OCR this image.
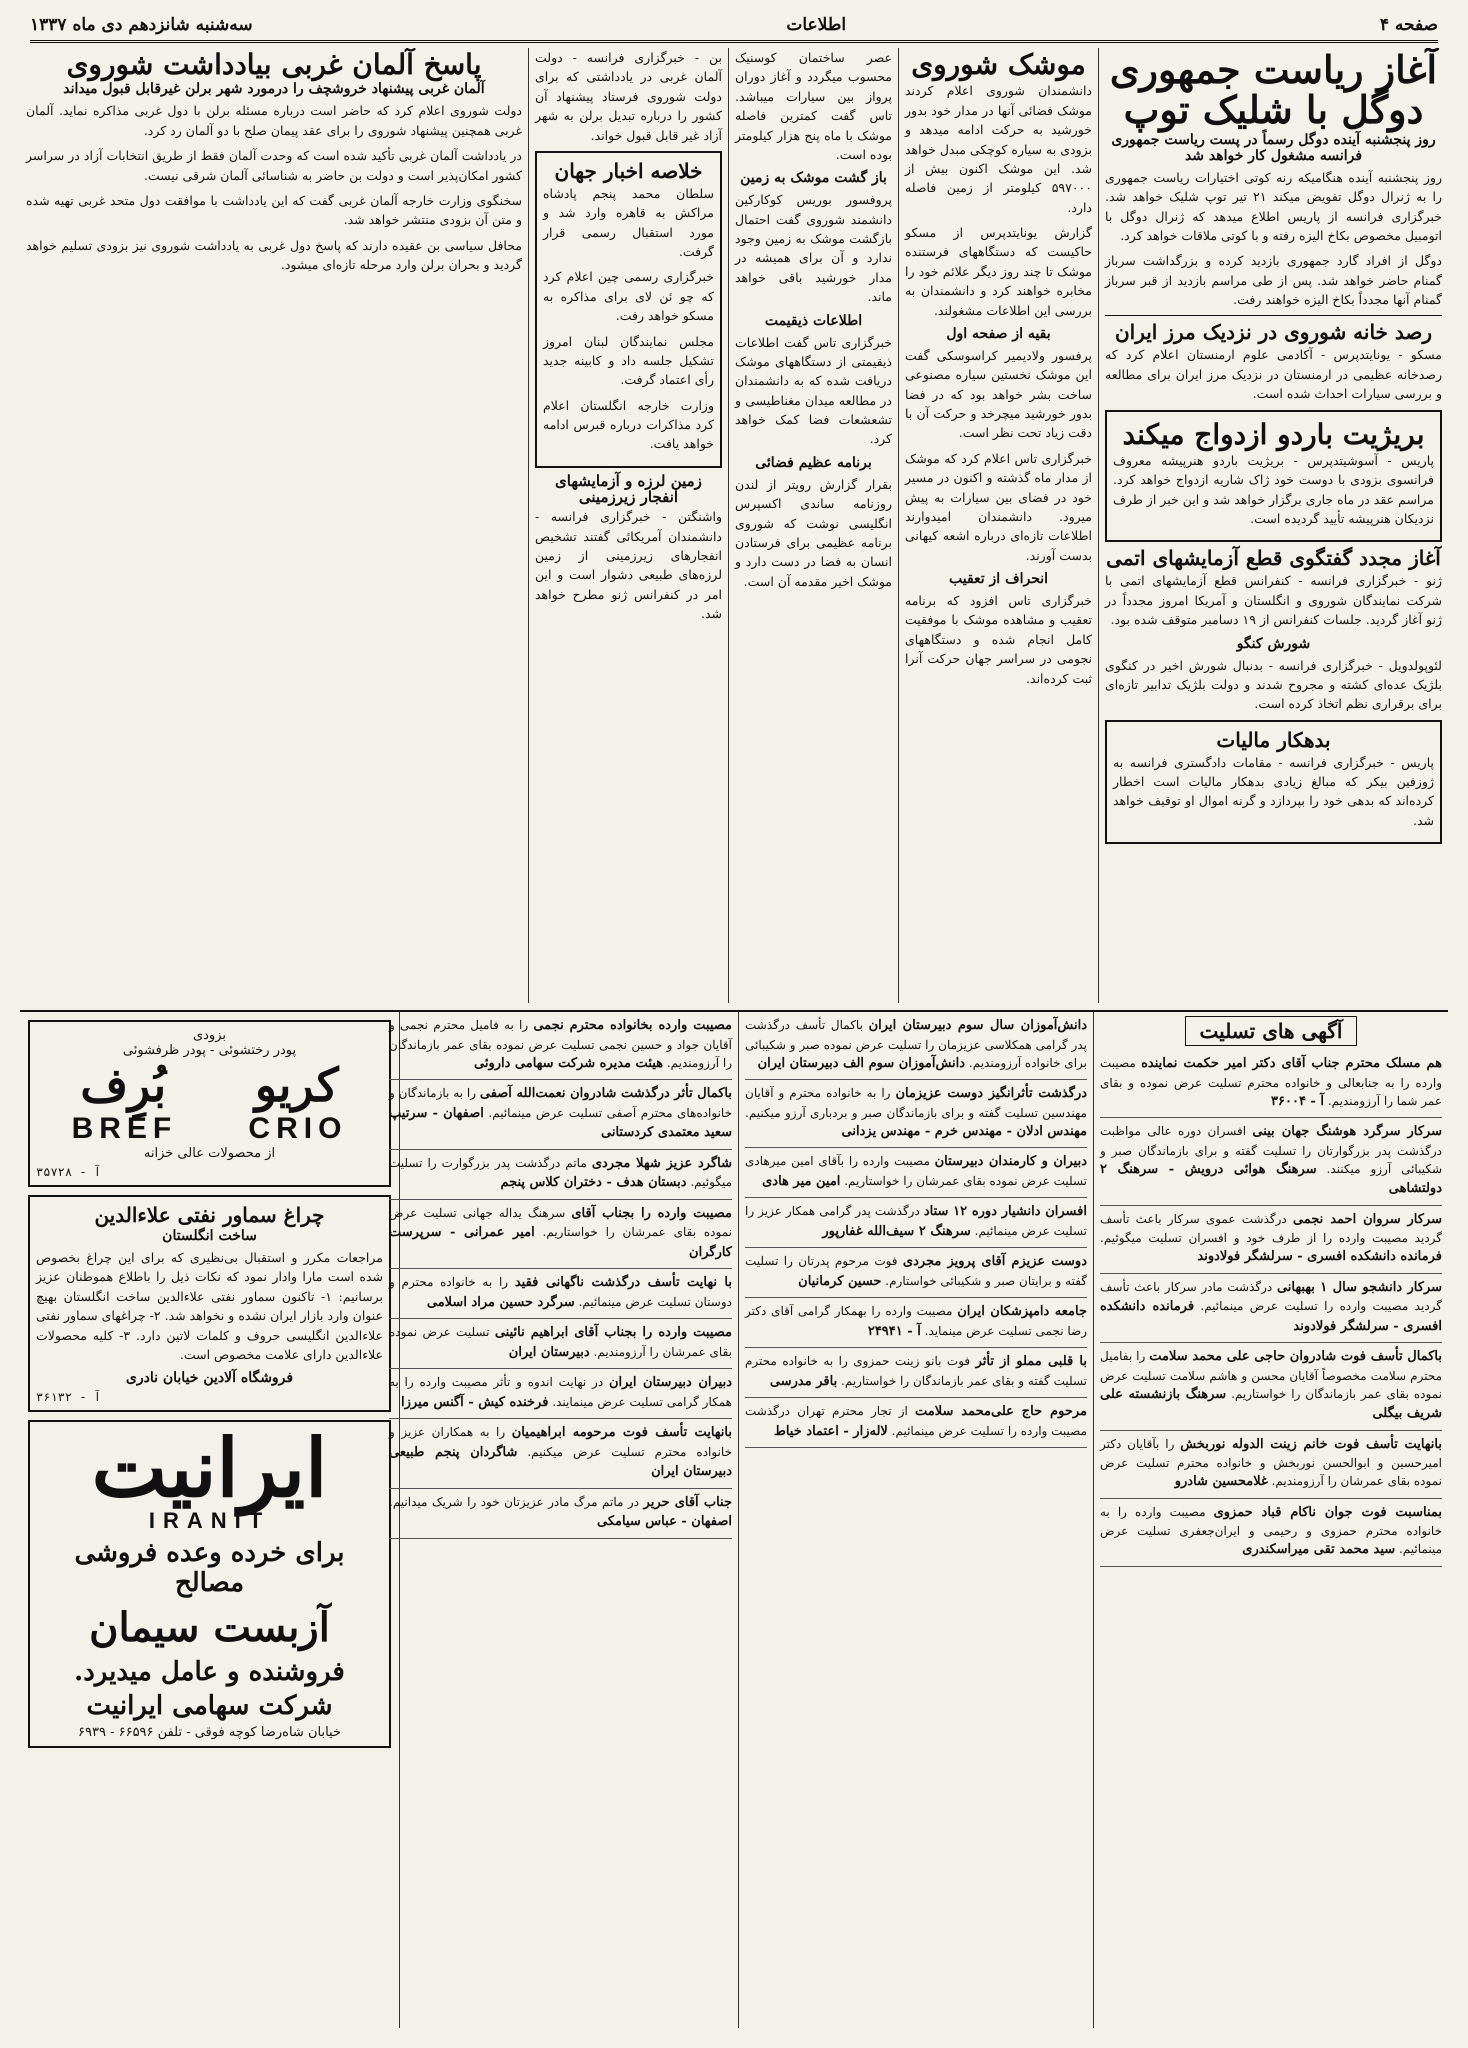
صفحه ۴
اطلاعات
سه‌شنبه شانزدهم دی ماه ۱۳۳۷
آغاز ریاست جمهوری دوگل با شلیک توپ
روز پنجشنبه آینده دوگل رسماً در پست ریاست جمهوری فرانسه مشغول کار خواهد شد

روز پنجشنبه آینده هنگامیکه رنه کوتی اختیارات ریاست جمهوری را به ژنرال دوگل تفویض میکند ۲۱ تیر توپ شلیک خواهد شد. خبرگزاری فرانسه از پاریس اطلاع میدهد که ژنرال دوگل با اتومبیل مخصوص بکاخ الیزه رفته و با کوتی ملاقات خواهد کرد.

دوگل از افراد گارد جمهوری بازدید کرده و بزرگداشت سرباز گمنام حاضر خواهد شد. پس از طی مراسم بازدید از قبر سرباز گمنام آنها مجدداً بکاخ الیزه خواهند رفت.

رصد خانه شوروی در نزدیک مرز ایران

مسکو - یونایتدپرس - آکادمی علوم ارمنستان اعلام کرد که رصدخانه عظیمی در ارمنستان در نزدیک مرز ایران برای مطالعه و بررسی سیارات احداث شده است.

بریژیت باردو ازدواج میکند

پاریس - آسوشیتدپرس - بریژیت باردو هنرپیشه معروف فرانسوی بزودی با دوست خود ژاک شاریه ازدواج خواهد کرد. مراسم عقد در ماه جاری برگزار خواهد شد و این خبر از طرف نزدیکان هنرپیشه تأیید گردیده است.

آغاز مجدد گفتگوی قطع آزمایشهای اتمی

ژنو - خبرگزاری فرانسه - کنفرانس قطع آزمایشهای اتمی با شرکت نمایندگان شوروی و انگلستان و آمریکا امروز مجدداً در ژنو آغاز گردید. جلسات کنفرانس از ۱۹ دسامبر متوقف شده بود.

شورش کنگو

لئوپولدویل - خبرگزاری فرانسه - بدنبال شورش اخیر در کنگوی بلژیک عده‌ای کشته و مجروح شدند و دولت بلژیک تدابیر تازه‌ای برای برقراری نظم اتخاذ کرده است.

بدهکار مالیات

پاریس - خبرگزاری فرانسه - مقامات دادگستری فرانسه به ژوزفین بیکر که مبالغ زیادی بدهکار مالیات است اخطار کرده‌اند که بدهی خود را بپردازد و گرنه اموال او توقیف خواهد شد.

موشک شوروی

دانشمندان شوروی اعلام کردند موشک فضائی آنها در مدار خود بدور خورشید به حرکت ادامه میدهد و بزودی به سیاره کوچکی مبدل خواهد شد. این موشک اکنون بیش از ۵۹۷۰۰۰ کیلومتر از زمین فاصله دارد.

گزارش یونایتدپرس از مسکو حاکیست که دستگاههای فرستنده موشک تا چند روز دیگر علائم خود را مخابره خواهند کرد و دانشمندان به بررسی این اطلاعات مشغولند.

بقیه از صفحه اول

پرفسور ولادیمیر کراسوسکی گفت این موشک نخستین سیاره مصنوعی ساخت بشر خواهد بود که در فضا بدور خورشید میچرخد و حرکت آن با دقت زیاد تحت نظر است.

خبرگزاری تاس اعلام کرد که موشک از مدار ماه گذشته و اکنون در مسیر خود در فضای بین سیارات به پیش میرود. دانشمندان امیدوارند اطلاعات تازه‌ای درباره اشعه کیهانی بدست آورند.

انحراف از تعقیب

خبرگزاری تاس افزود که برنامه تعقیب و مشاهده موشک با موفقیت کامل انجام شده و دستگاههای نجومی در سراسر جهان حرکت آنرا ثبت کرده‌اند.

عصر ساختمان کوسنیک محسوب میگردد و آغاز دوران پرواز بین سیارات میباشد. تاس گفت کمترین فاصله موشک با ماه پنج هزار کیلومتر بوده است.

باز گشت موشک به زمین

پروفسور بوریس کوکارکین دانشمند شوروی گفت احتمال بازگشت موشک به زمین وجود ندارد و آن برای همیشه در مدار خورشید باقی خواهد ماند.

اطلاعات ذیقیمت

خبرگزاری تاس گفت اطلاعات ذیقیمتی از دستگاههای موشک دریافت شده که به دانشمندان در مطالعه میدان مغناطیسی و تشعشعات فضا کمک خواهد کرد.

برنامه عظیم فضائی

بقرار گزارش رویتر از لندن روزنامه ساندی اکسپرس انگلیسی نوشت که شوروی برنامه عظیمی برای فرستادن انسان به فضا در دست دارد و موشک اخیر مقدمه آن است.

بن - خبرگزاری فرانسه - دولت آلمان غربی در یادداشتی که برای دولت شوروی فرستاد پیشنهاد آن کشور را درباره تبدیل برلن به شهر آزاد غیر قابل قبول خواند.

خلاصه اخبار جهان

سلطان محمد پنجم پادشاه مراکش به قاهره وارد شد و مورد استقبال رسمی قرار گرفت.

خبرگزاری رسمی چین اعلام کرد که چو ئن لای برای مذاکره به مسکو خواهد رفت.

مجلس نمایندگان لبنان امروز تشکیل جلسه داد و کابینه جدید رأی اعتماد گرفت.

وزارت خارجه انگلستان اعلام کرد مذاکرات درباره قبرس ادامه خواهد یافت.

زمین لرزه و آزمایشهای انفجار زیرزمینی

واشنگتن - خبرگزاری فرانسه - دانشمندان آمریکائی گفتند تشخیص انفجارهای زیرزمینی از زمین لرزه‌های طبیعی دشوار است و این امر در کنفرانس ژنو مطرح خواهد شد.

پاسخ آلمان غربی بیادداشت شوروی
آلمان غربی پیشنهاد خروشچف را درمورد شهر برلن غیرقابل قبول میداند

دولت شوروی اعلام کرد که حاضر است درباره مسئله برلن با دول غربی مذاکره نماید. آلمان غربی همچنین پیشنهاد شوروی را برای عقد پیمان صلح با دو آلمان رد کرد.

در یادداشت آلمان غربی تأکید شده است که وحدت آلمان فقط از طریق انتخابات آزاد در سراسر کشور امکان‌پذیر است و دولت بن حاضر به شناسائی آلمان شرقی نیست.

سخنگوی وزارت خارجه آلمان غربی گفت که این یادداشت با موافقت دول متحد غربی تهیه شده و متن آن بزودی منتشر خواهد شد.

محافل سیاسی بن عقیده دارند که پاسخ دول غربی به یادداشت شوروی نیز بزودی تسلیم خواهد گردید و بحران برلن وارد مرحله تازه‌ای میشود.

بزودی
پودر رختشوئی - پودر ظرفشوئی
کریو
بُرِف
CRIO
BREF
از محصولات عالی خزانه
آ - ۳۵۷۲۸
چراغ سماور نفتی علاءالدین
ساخت انگلستان

مراجعات مکرر و استقبال بی‌نظیری که برای این چراغ بخصوص شده است مارا وادار نمود که نکات ذیل را باطلاع هموطنان عزیز برسانیم: ۱- تاکنون سماور نفتی علاءالدین ساخت انگلستان بهیچ عنوان وارد بازار ایران نشده و نخواهد شد. ۲- چراغهای سماور نفتی علاءالدین انگلیسی حروف و کلمات لاتین دارد. ۳- کلیه محصولات علاءالدین دارای علامت مخصوص است.

فروشگاه آلادین خیابان نادری
آ - ۳۶۱۳۲
ایرانیت
IRANIT
برای خرده وعده فروشی مصالح
آزبست سیمان
فروشنده و عامل میدیرد.
شرکت سهامی ایرانیت
خیابان شاه‌رضا کوچه فوقی - تلفن ۶۶۵۹۶ - ۶۹۳۹
آگهی های تسلیت

هم مسلک محترم جناب آقای دکتر امیر حکمت نماینده مصیبت وارده را به جنابعالی و خانواده محترم تسلیت عرض نموده و بقای عمر شما را آرزومندیم. آ - ۳۶۰۰۴

سرکار سرگرد هوشنگ جهان بینی افسران دوره عالی مواظبت درگذشت پدر بزرگوارتان را تسلیت گفته و برای بازماندگان صبر و شکیبائی آرزو میکنند. سرهنگ هوائی درویش - سرهنگ ۲ دولتشاهی

سرکار سروان احمد نجمی درگذشت عموی سرکار باعث تأسف گردید مصیبت وارده را از طرف خود و افسران تسلیت میگوئیم. فرمانده دانشکده افسری - سرلشگر فولادوند

سرکار دانشجو سال ۱ بهبهانی درگذشت مادر سرکار باعث تأسف گردید مصیبت وارده را تسلیت عرض مینمائیم. فرمانده دانشکده افسری - سرلشگر فولادوند

باکمال تأسف فوت شادروان حاجی علی محمد سلامت را بفامیل محترم سلامت مخصوصاً آقایان محسن و هاشم سلامت تسلیت عرض نموده بقای عمر بازماندگان را خواستاریم. سرهنگ بازنشسته علی شریف بیگلی

بانهایت تأسف فوت خانم زینت الدوله نوربخش را بآقایان دکتر امیرحسین و ابوالحسن نوربخش و خانواده محترم تسلیت عرض نموده بقای عمرشان را آرزومندیم. غلامحسین شادرو

بمناسبت فوت جوان ناکام قباد حمزوی مصیبت وارده را به خانواده محترم حمزوی و رحیمی و ایران‌جعفری تسلیت عرض مینمائیم. سید محمد تقی میراسکندری

دانش‌آموزان سال سوم دبیرستان ایران باکمال تأسف درگذشت پدر گرامی همکلاسی عزیزمان را تسلیت عرض نموده صبر و شکیبائی برای خانواده آرزومندیم. دانش‌آموزان سوم الف دبیرستان ایران

درگذشت تأثرانگیز دوست عزیزمان را به خانواده محترم و آقایان مهندسین تسلیت گفته و برای بازماندگان صبر و بردباری آرزو میکنیم. مهندس ادلان - مهندس خرم - مهندس یزدانی

دبیران و کارمندان دبیرستان مصیبت وارده را بآقای امین میرهادی تسلیت عرض نموده بقای عمرشان را خواستاریم. امین میر هادی

افسران دانشیار دوره ۱۲ ستاد درگذشت پدر گرامی همکار عزیز را تسلیت عرض مینمائیم. سرهنگ ۲ سیف‌الله غفارپور

دوست عزیزم آقای پرویز مجردی فوت مرحوم پدرتان را تسلیت گفته و برایتان صبر و شکیبائی خواستارم. حسین کرمانیان

جامعه دامپزشکان ایران مصیبت وارده را بهمکار گرامی آقای دکتر رضا نجمی تسلیت عرض مینماید. آ - ۲۴۹۴۱

با قلبی مملو از تأثر فوت بانو زینت حمزوی را به خانواده محترم تسلیت گفته و بقای عمر بازماندگان را خواستاریم. باقر مدرسی

مرحوم حاج علی‌محمد سلامت از تجار محترم تهران درگذشت مصیبت وارده را تسلیت عرض مینمائیم. لاله‌زار - اعتماد خیاط

مصیبت وارده بخانواده محترم نجمی را به فامیل محترم نجمی و آقایان جواد و حسین نجمی تسلیت عرض نموده بقای عمر بازماندگان را آرزومندیم. هیئت مدیره شرکت سهامی داروئی

باکمال تأثر درگذشت شادروان نعمت‌الله آصفی را به بازماندگان و خانواده‌های محترم آصفی تسلیت عرض مینمائیم. اصفهان - سرتیپ سعید معتمدی کردستانی

شاگرد عزیز شهلا مجردی ماتم درگذشت پدر بزرگوارت را تسلیت میگوئیم. دبستان هدف - دختران کلاس پنجم

مصیبت وارده را بجناب آقای سرهنگ یداله جهانی تسلیت عرض نموده بقای عمرشان را خواستاریم. امیر عمرانی - سرپرست کارگران

با نهایت تأسف درگذشت ناگهانی فقید را به خانواده محترم و دوستان تسلیت عرض مینمائیم. سرگرد حسین مراد اسلامی

مصیبت وارده را بجناب آقای ابراهیم نائینی تسلیت عرض نموده بقای عمرشان را آرزومندیم. دبیرستان ایران

دبیران دبیرستان ایران در نهایت اندوه و تأثر مصیبت وارده را به همکار گرامی تسلیت عرض مینمایند. فرخنده کیش - آگنس میرزا

بانهایت تأسف فوت مرحومه ابراهیمیان را به همکاران عزیز و خانواده محترم تسلیت عرض میکنیم. شاگردان پنجم طبیعی دبیرستان ایران

جناب آقای حریر در ماتم مرگ مادر عزیزتان خود را شریک میدانیم. اصفهان - عباس سیامکی
